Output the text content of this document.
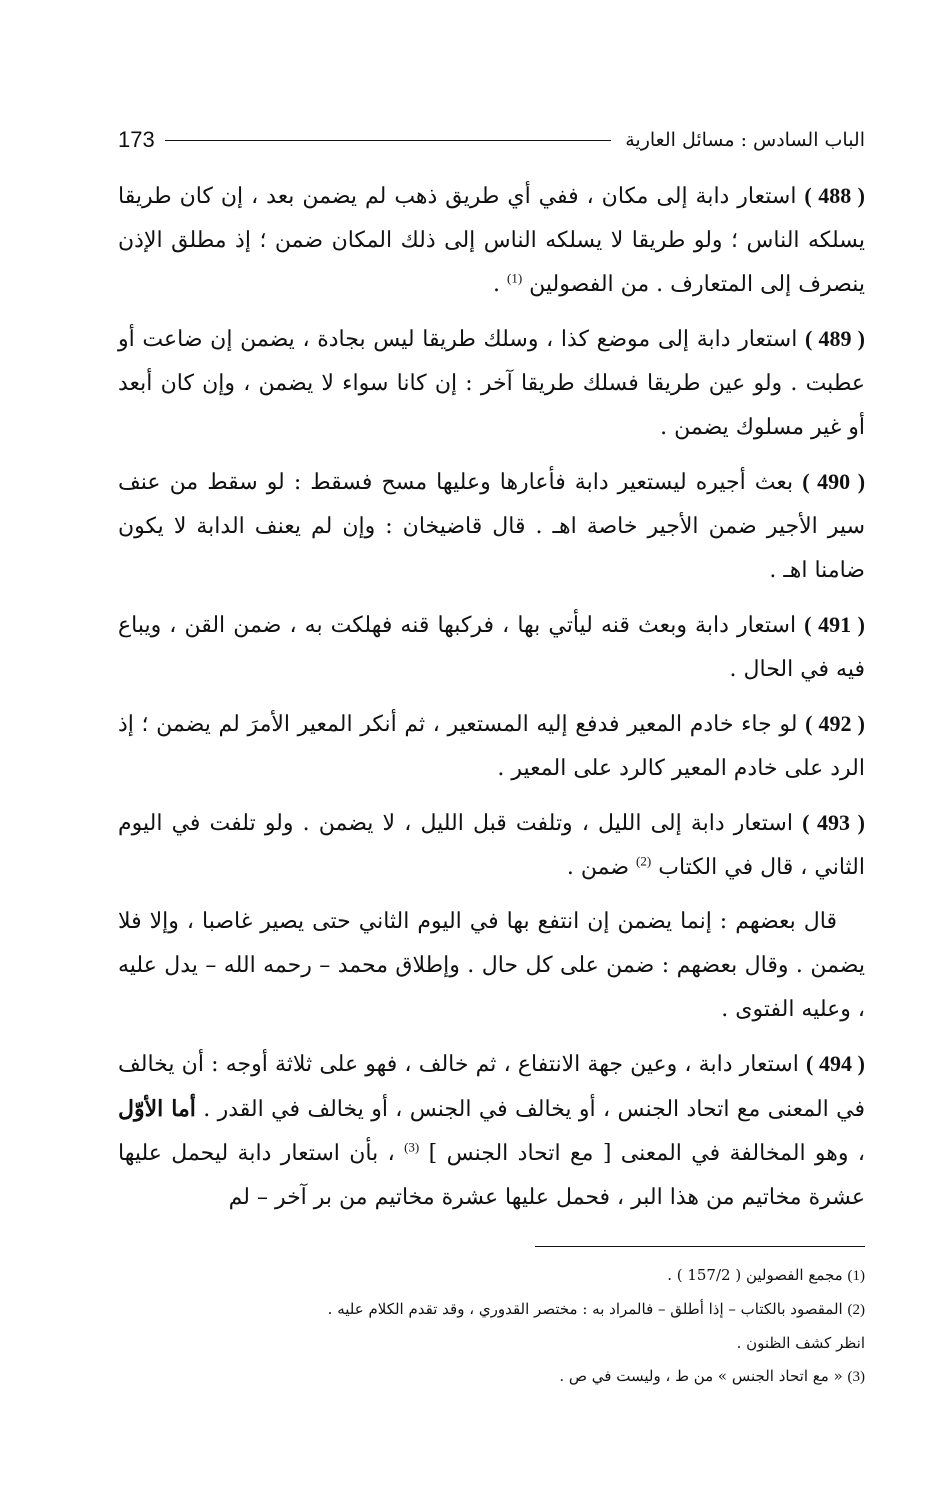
الباب السادس : مسائل العارية
173

( 488 ) استعار دابة إلى مكان ، ففي أي طريق ذهب لم يضمن بعد ، إن كان طريقا يسلكه الناس ؛ ولو طريقا لا يسلكه الناس إلى ذلك المكان ضمن ؛ إذ مطلق الإذن ينصرف إلى المتعارف . من الفصولين $^{(1)}$ .

( 489 ) استعار دابة إلى موضع كذا ، وسلك طريقا ليس بجادة ، يضمن إن ضاعت أو عطبت . ولو عين طريقا فسلك طريقا آخر : إن كانا سواء لا يضمن ، وإن كان أبعد أو غير مسلوك يضمن .

( 490 ) بعث أجيره ليستعير دابة فأعارها وعليها مسح فسقط : لو سقط من عنف سير الأجير ضمن الأجير خاصة اهـ . قال قاضيخان : وإن لم يعنف الدابة لا يكون ضامنا اهـ .

( 491 ) استعار دابة وبعث قنه ليأتي بها ، فركبها قنه فهلكت به ، ضمن القن ، ويباع فيه في الحال .

( 492 ) لو جاء خادم المعير فدفع إليه المستعير ، ثم أنكر المعير الأمرَ لم يضمن ؛ إذ الرد على خادم المعير كالرد على المعير .

( 493 ) استعار دابة إلى الليل ، وتلفت قبل الليل ، لا يضمن . ولو تلفت في اليوم الثاني ، قال في الكتاب $^{(2)}$ ضمن .

قال بعضهم : إنما يضمن إن انتفع بها في اليوم الثاني حتى يصير غاصبا ، وإلا فلا يضمن . وقال بعضهم : ضمن على كل حال . وإطلاق محمد – رحمه الله – يدل عليه ، وعليه الفتوى .

( 494 ) استعار دابة ، وعين جهة الانتفاع ، ثم خالف ، فهو على ثلاثة أوجه : أن يخالف في المعنى مع اتحاد الجنس ، أو يخالف في الجنس ، أو يخالف في القدر . أما الأوّل ، وهو المخالفة في المعنى [ مع اتحاد الجنس ] $^{(3)}$ ، بأن استعار دابة ليحمل عليها عشرة مخاتيم من هذا البر ، فحمل عليها عشرة مخاتيم من بر آخر – لم

(1) مجمع الفصولين ( 157/2 ) .

(2) المقصود بالكتاب – إذا أطلق – فالمراد به : مختصر القدوري ، وقد تقدم الكلام عليه .

انظر كشف الظنون .

(3) « مع اتحاد الجنس » من ط ، وليست في ص .
